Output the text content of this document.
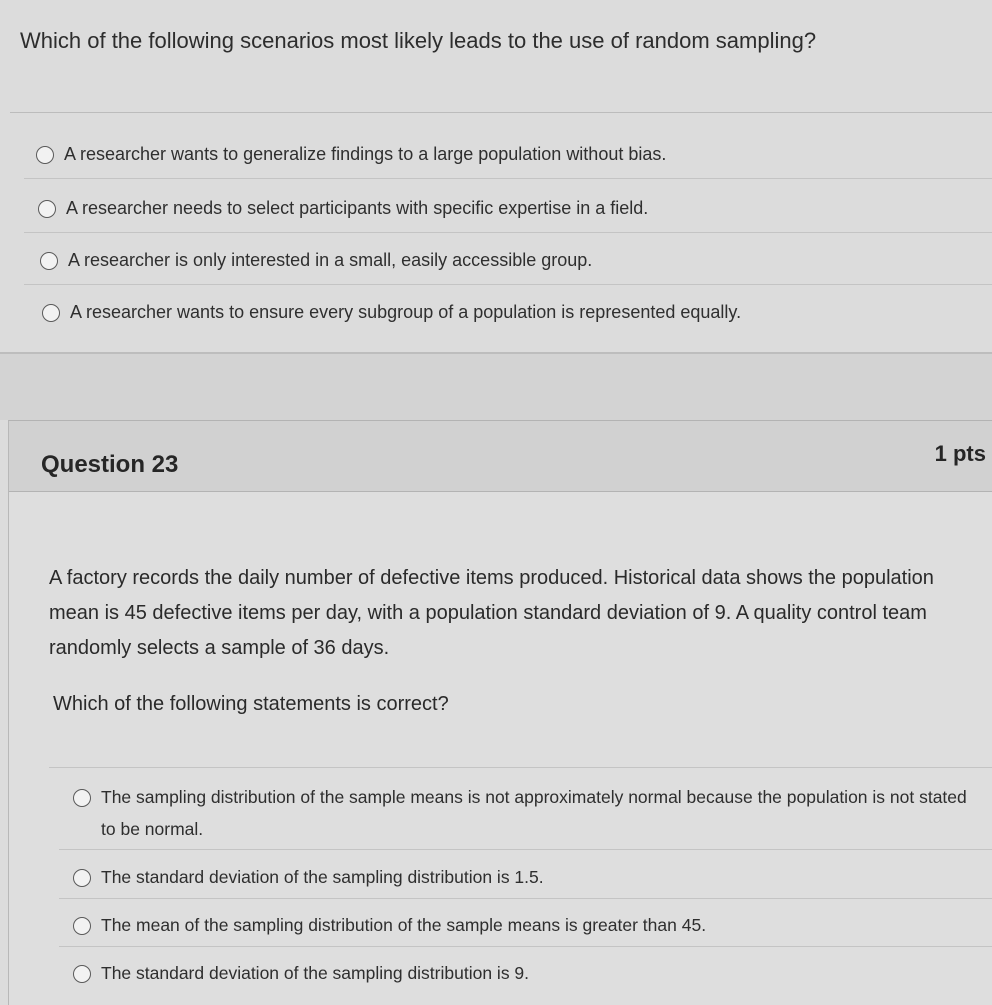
Which of the following scenarios most likely leads to the use of random sampling?
A researcher wants to generalize findings to a large population without bias.
A researcher needs to select participants with specific expertise in a field.
A researcher is only interested in a small, easily accessible group.
A researcher wants to ensure every subgroup of a population is represented equally.
Question 23	1 pts
A factory records the daily number of defective items produced. Historical data shows the population mean is 45 defective items per day, with a population standard deviation of 9. A quality control team randomly selects a sample of 36 days.
Which of the following statements is correct?
The sampling distribution of the sample means is not approximately normal because the population is not stated to be normal.
The standard deviation of the sampling distribution is 1.5.
The mean of the sampling distribution of the sample means is greater than 45.
The standard deviation of the sampling distribution is 9.
